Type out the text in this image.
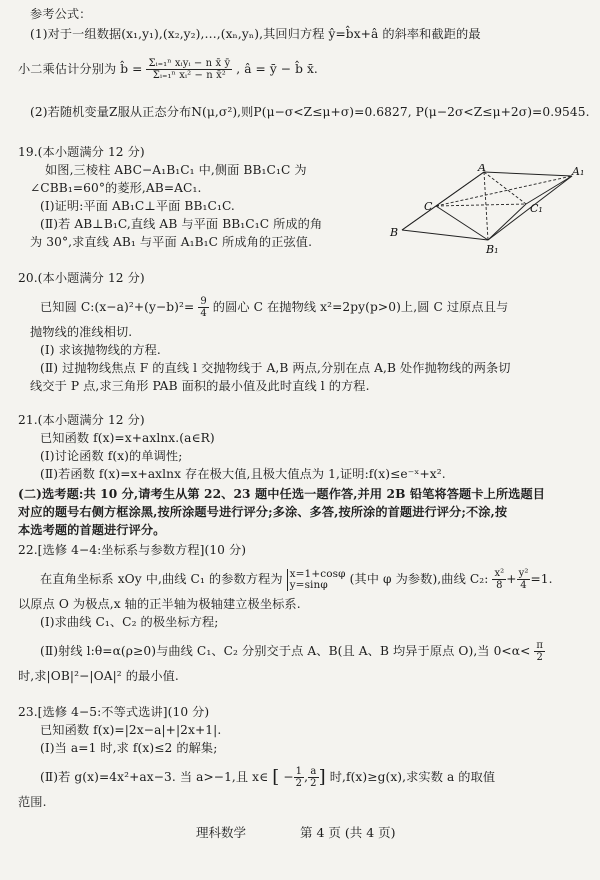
参考公式：
(1)对于一组数据(x₁,y₁),(x₂,y₂),…,(xₙ,yₙ),其回归方程 ŷ=b̂x+â 的斜率和截距的最
小二乘估计分别为 b̂ = $\frac{\text{Σᵢ₌₁ⁿ xᵢyᵢ − n x̄ ȳ}}{\text{Σᵢ₌₁ⁿ xᵢ² − n x̄²}}$ , â = ȳ − b̂ x̄.
(2)若随机变量Z服从正态分布N(μ,σ²),则P(μ−σ<Z≤μ+σ)=0.6827, P(μ−2σ<Z≤μ+2σ)=0.9545.
19.(本小题满分 12 分)
如图,三棱柱 ABC−A₁B₁C₁ 中,侧面 BB₁C₁C 为
∠CBB₁=60°的菱形,AB=AC₁.
(Ⅰ)证明:平面 AB₁C⊥平面 BB₁C₁C.
(Ⅱ)若 AB⊥B₁C,直线 AB 与平面 BB₁C₁C 所成的角
为 30°,求直线 AB₁ 与平面 A₁B₁C 所成角的正弦值.
A	A₁
B
B₁
C	C₁
20.(本小题满分 12 分)
已知圆 C:(x−a)²+(y−b)²= $\frac{9}{4}$ 的圆心 C 在抛物线 x²=2py(p>0)上,圆 C 过原点且与
抛物线的准线相切.
(Ⅰ) 求该抛物线的方程.
(Ⅱ) 过抛物线焦点 F 的直线 l 交抛物线于 A,B 两点,分别在点 A,B 处作抛物线的两条切
线交于 P 点,求三角形 PAB 面积的最小值及此时直线 l 的方程.
21.(本小题满分 12 分)
已知函数 f(x)=x+axlnx.(a∈R)
(Ⅰ)讨论函数 f(x)的单调性;
(Ⅱ)若函数 f(x)=x+axlnx 存在极大值,且极大值点为 1,证明:f(x)≤e⁻ˣ+x².
(二)选考题:共 10 分,请考生从第 22、23 题中任选一题作答,并用 2B 铅笔将答题卡上所选题目
对应的题号右侧方框涂黑,按所涂题号进行评分;多涂、多答,按所涂的首题进行评分;不涂,按
本选考题的首题进行评分。
22.[选修 4−4:坐标系与参数方程](10 分)
在直角坐标系 xOy 中,曲线 C₁ 的参数方程为 x=1+cosφ
y=sinφ	(其中 φ 为参数),曲线 C₂: $\frac{\text{x²}}{8} + \frac{\text{y²}}{4} =1$.
以原点 O 为极点,x 轴的正半轴为极轴建立极坐标系.
(Ⅰ)求曲线 C₁、C₂ 的极坐标方程;
(Ⅱ)射线 l:θ=α(ρ≥0)与曲线 C₁、C₂ 分别交于点 A、B(且 A、B 均异于原点 O),当 $0<\alpha< \frac{\pi}{2}$
时,求|OB|²−|OA|² 的最小值.
23.[选修 4−5:不等式选讲](10 分)
已知函数 f(x)=|2x−a|+|2x+1|.
(Ⅰ)当 a=1 时,求 f(x)≤2 的解集;
(Ⅱ)若 g(x)=4x²+ax−3. 当 a>−1,且 x∈ [ − $\frac{1}{2}$ , $\frac{a}{2}$ ] 时,f(x)≥g(x),求实数 a 的取值
范围.
理科数学	第 4 页 (共 4 页)
